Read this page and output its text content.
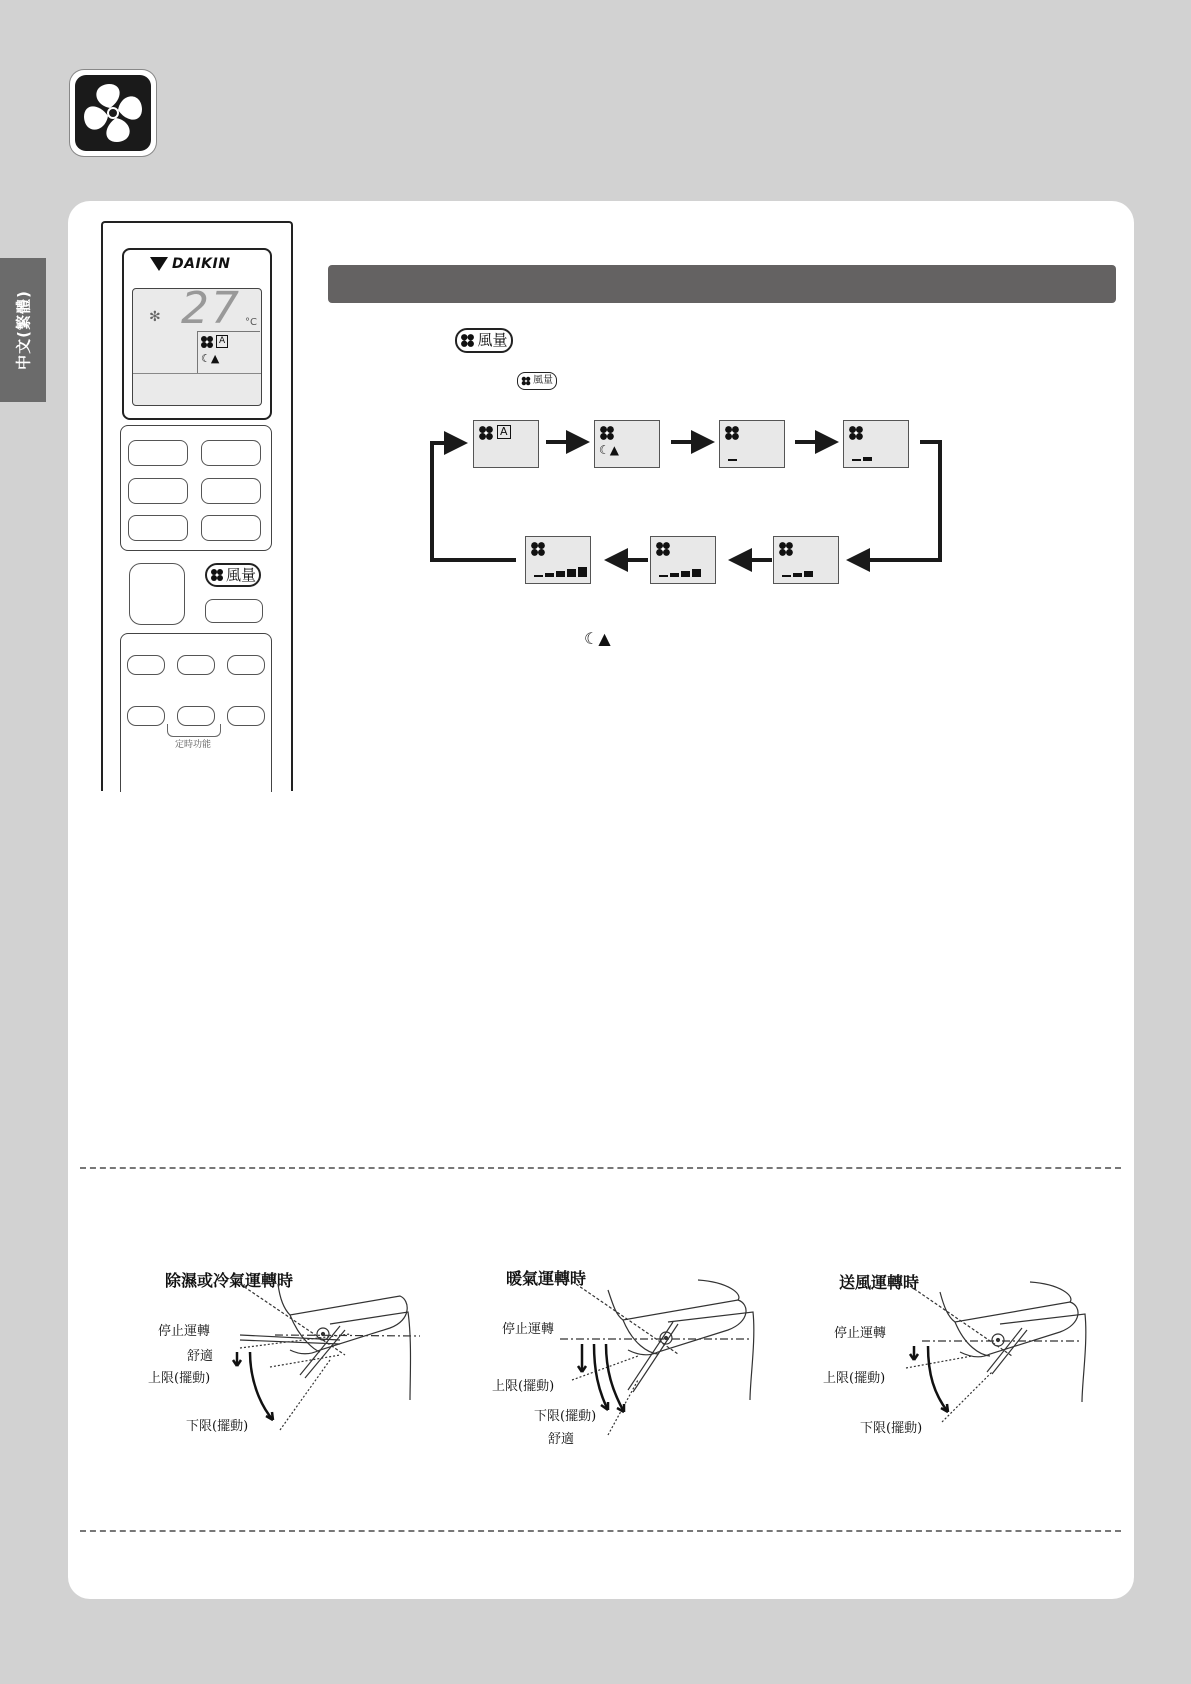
中文(繁體)
DAIKIN
✻ 27 °C
A
☾▲
風量
定時功能
風量
風量
A
☾▲
☾▲
除濕或冷氣運轉時
停止運轉
舒適
上限(擺動)
下限(擺動)
暖氣運轉時
停止運轉
上限(擺動)
下限(擺動)
舒適
送風運轉時
停止運轉
上限(擺動)
下限(擺動)
